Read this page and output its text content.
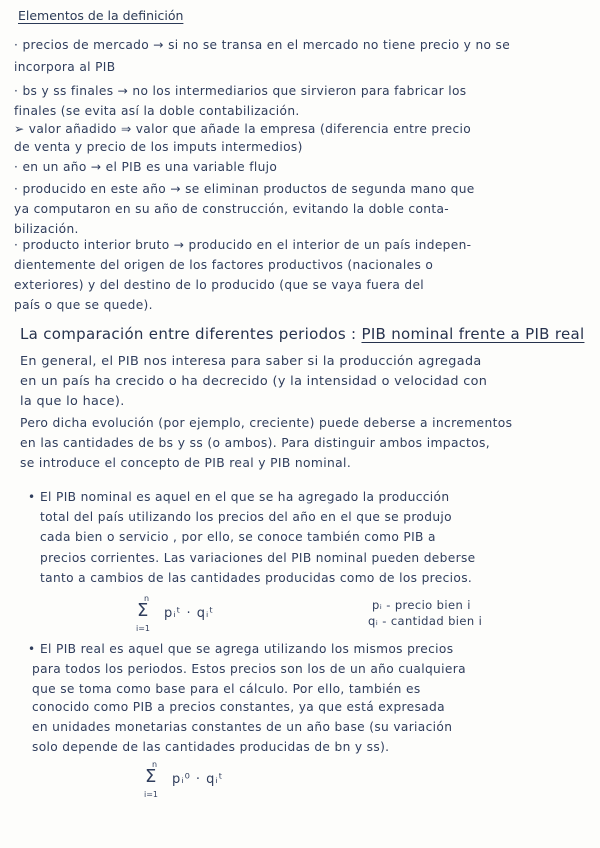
Elementos de la definición
· precios de mercado → si no se transa en el mercado no tiene precio y no se
incorpora al PIB
· bs y ss finales → no los intermediarios que sirvieron para fabricar los
finales (se evita así la doble contabilización.
➢ valor añadido ⇒ valor que añade la empresa (diferencia entre precio
de venta y precio de los imputs intermedios)
· en un año → el PIB es una variable flujo
· producido en este año → se eliminan productos de segunda mano que
ya computaron en su año de construcción, evitando la doble conta-
bilización.
· producto interior bruto → producido en el interior de un país indepen-
dientemente del origen de los factores productivos (nacionales o
exteriores) y del destino de lo producido (que se vaya fuera del
país o que se quede).
La comparación entre diferentes periodos : PIB nominal frente a PIB real
En general, el PIB nos interesa para saber si la producción agregada
en un país ha crecido o ha decrecido (y la intensidad o velocidad con
la que lo hace).
Pero dicha evolución (por ejemplo, creciente) puede deberse a incrementos
en las cantidades de bs y ss (o ambos). Para distinguir ambos impactos,
se introduce el concepto de PIB real y PIB nominal.
• El PIB nominal es aquel en el que se ha agregado la producción
total del país utilizando los precios del año en el que se produjo
cada bien o servicio , por ello, se conoce también como PIB a
precios corrientes. Las variaciones del PIB nominal pueden deberse
tanto a cambios de las cantidades producidas como de los precios.
n
Σ
i=1
pᵢᵗ · qᵢᵗ
pᵢ - precio bien i
qᵢ - cantidad bien i
• El PIB real es aquel que se agrega utilizando los mismos precios
para todos los periodos. Estos precios son los de un año cualquiera
que se toma como base para el cálculo. Por ello, también es
conocido como PIB a precios constantes, ya que está expresada
en unidades monetarias constantes de un año base (su variación
solo depende de las cantidades producidas de bn y ss).
n
Σ
i=1
pᵢ⁰ · qᵢᵗ
